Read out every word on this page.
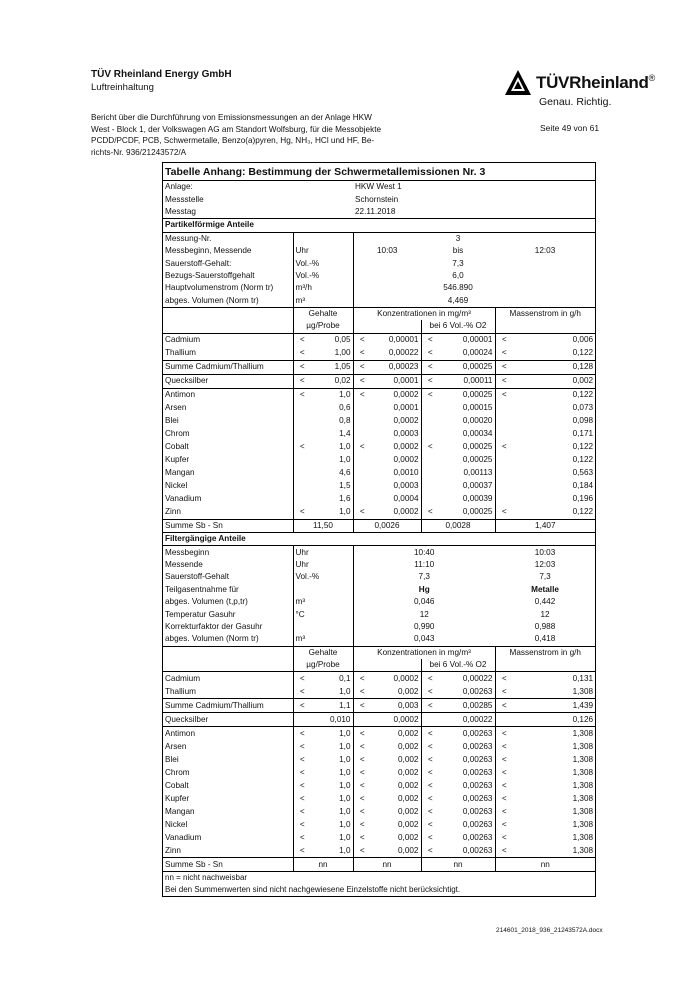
TÜV Rheinland Energy GmbH
Luftreinhaltung
Bericht über die Durchführung von Emissionsmessungen an der Anlage HKW
West - Block 1, der Volkswagen AG am Standort Wolfsburg, für die Messobjekte
PCDD/PCDF, PCB, Schwermetalle, Benzo(a)pyren, Hg, NH₃, HCl und HF, Be-
richts-Nr. 936/21243572/A
TÜVRheinland®
Genau. Richtig.
Seite 49 von 61
Tabelle Anhang: Bestimmung der Schwermetallemissionen Nr. 3								
Anlage:			HKW West 1					
Messstelle			Schornstein					
Messtag			22.11.2018					
Partikelförmige Anteile								
Messung-Nr.					3			
Messbeginn, Messende	Uhr		10:03		bis		12:03	
Sauerstoff-Gehalt:	Vol.-%				7,3			
Bezugs-Sauerstoffgehalt	Vol.-%				6,0			
Hauptvolumenstrom (Norm tr)	m³/h				546.890			
abges. Volumen (Norm tr)	m³				4,469			
	Gehalte		Konzentrationen in mg/m³				Massenstrom in g/h	
	µg/Probe				bei 6 Vol.-% O2			
Cadmium	<	0,05	<	0,00001	<	0,00001	<	0,006
Thallium	<	1,00	<	0,00022	<	0,00024	<	0,122
Summe Cadmium/Thallium	<	1,05	<	0,00023	<	0,00025	<	0,128
Quecksilber	<	0,02	<	0,0001	<	0,00011	<	0,002
Antimon	<	1,0	<	0,0002	<	0,00025	<	0,122
Arsen		0,6		0,0001		0,00015		0,073
Blei		0,8		0,0002		0,00020		0,098
Chrom		1,4		0,0003		0,00034		0,171
Cobalt	<	1,0	<	0,0002	<	0,00025	<	0,122
Kupfer		1,0		0,0002		0,00025		0,122
Mangan		4,6		0,0010		0,00113		0,563
Nickel		1,5		0,0003		0,00037		0,184
Vanadium		1,6		0,0004		0,00039		0,196
Zinn	<	1,0	<	0,0002	<	0,00025	<	0,122
Summe Sb - Sn	11,50		0,0026		0,0028		1,407	
Filtergängige Anteile								
Messbeginn	Uhr		10:40				10:03	
Messende	Uhr		11:10				12:03	
Sauerstoff-Gehalt	Vol.-%		7,3				7,3	
Teilgasentnahme für			Hg				Metalle	
abges. Volumen (t,p,tr)	m³		0,046				0,442	
Temperatur Gasuhr	°C		12				12	
Korrekturfaktor der Gasuhr			0,990				0,988	
abges. Volumen (Norm tr)	m³		0,043				0,418	
	Gehalte		Konzentrationen in mg/m³				Massenstrom in g/h	
	µg/Probe				bei 6 Vol.-% O2			
Cadmium	<	0,1	<	0,0002	<	0,00022	<	0,131
Thallium	<	1,0	<	0,002	<	0,00263	<	1,308
Summe Cadmium/Thallium	<	1,1	<	0,003	<	0,00285	<	1,439
Quecksilber		0,010		0,0002		0,00022		0,126
Antimon	<	1,0	<	0,002	<	0,00263	<	1,308
Arsen	<	1,0	<	0,002	<	0,00263	<	1,308
Blei	<	1,0	<	0,002	<	0,00263	<	1,308
Chrom	<	1,0	<	0,002	<	0,00263	<	1,308
Cobalt	<	1,0	<	0,002	<	0,00263	<	1,308
Kupfer	<	1,0	<	0,002	<	0,00263	<	1,308
Mangan	<	1,0	<	0,002	<	0,00263	<	1,308
Nickel	<	1,0	<	0,002	<	0,00263	<	1,308
Vanadium	<	1,0	<	0,002	<	0,00263	<	1,308
Zinn	<	1,0	<	0,002	<	0,00263	<	1,308
Summe Sb - Sn	nn		nn		nn		nn	
nn = nicht nachweisbar								
Bei den Summenwerten sind nicht nachgewiesene Einzelstoffe nicht berücksichtigt.								
214601_2018_936_21243572A.docx
